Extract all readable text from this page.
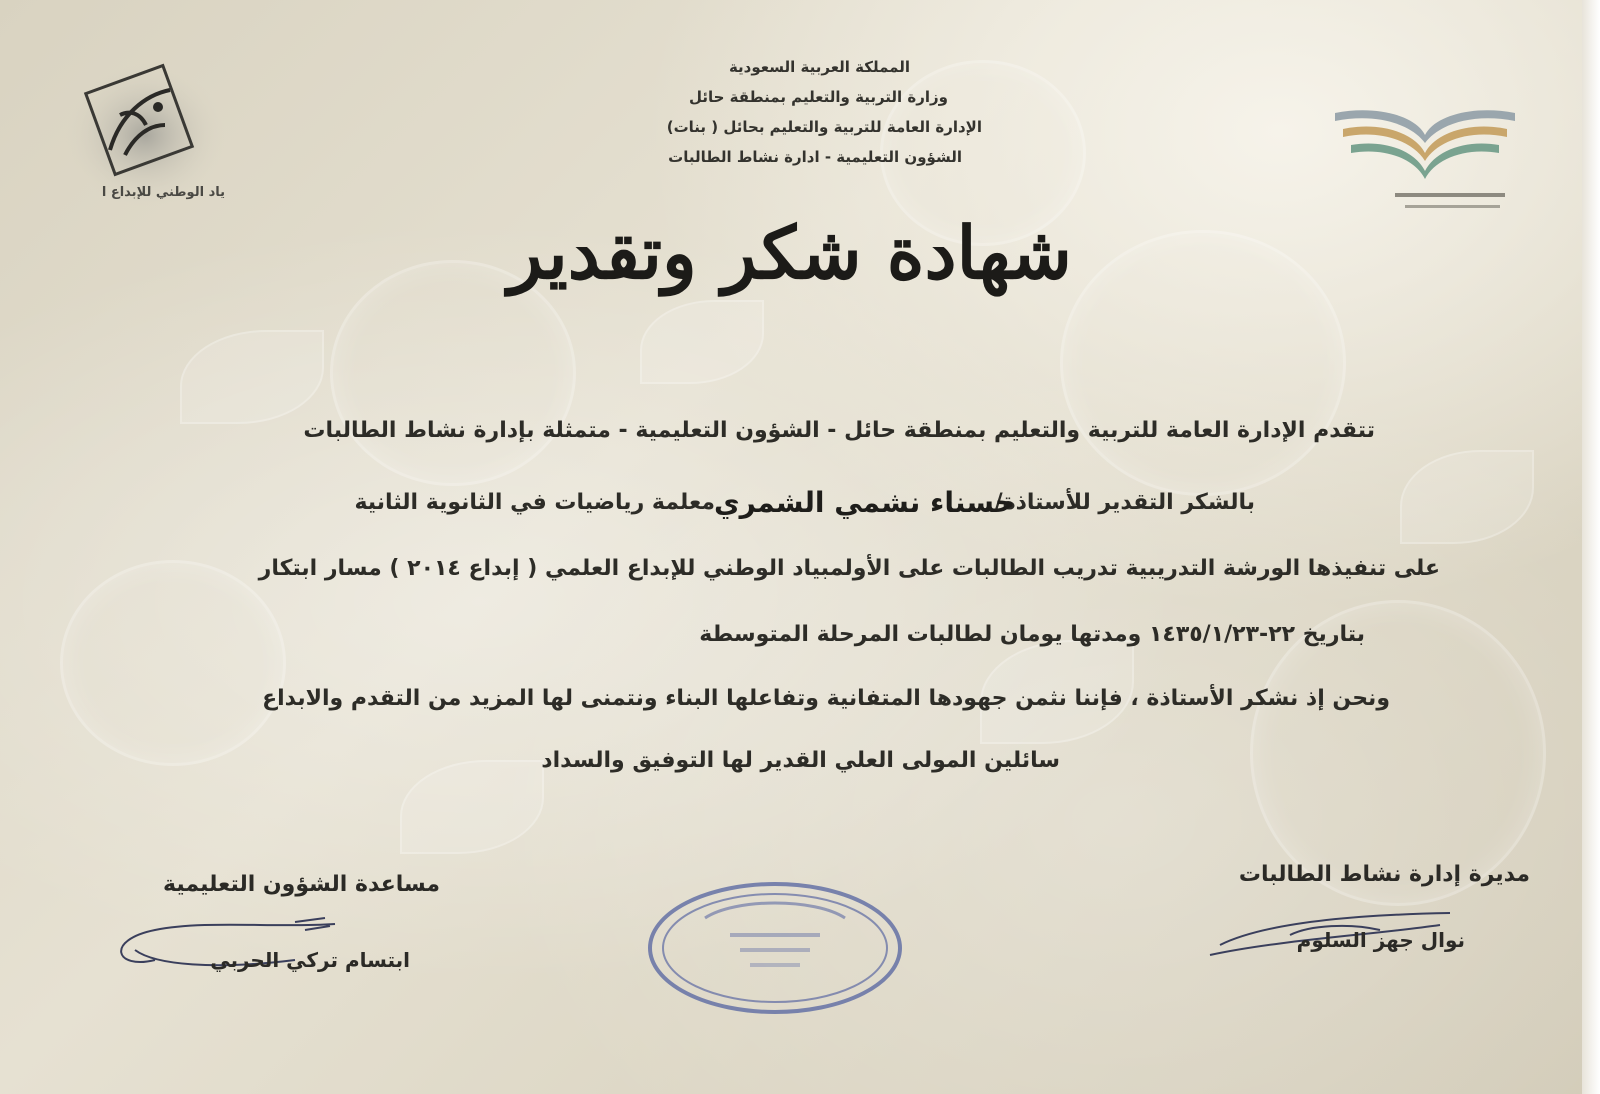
ياد الوطني للإبداع ا
المملكة العربية السعودية
وزارة التربية والتعليم بمنطقة حائل
الإدارة العامة للتربية والتعليم بحائل ( بنات)
الشؤون التعليمية - ادارة نشاط الطالبات
شهادة شكر وتقدير
تتقدم الإدارة العامة للتربية والتعليم بمنطقة حائل - الشؤون التعليمية - متمثلة بإدارة نشاط الطالبات
بالشكر التقدير للأستاذة/
حسناء نشمي الشمري
معلمة رياضيات في الثانوية الثانية
على تنفيذها الورشة التدريبية تدريب الطالبات على الأولمبياد الوطني للإبداع العلمي ( إبداع ٢٠١٤ ) مسار ابتكار
بتاريخ ٢٢-١٤٣٥/١/٢٣ ومدتها يومان لطالبات المرحلة المتوسطة
ونحن إذ نشكر الأستاذة ، فإننا نثمن جهودها المتفانية وتفاعلها البناء ونتمنى لها المزيد من التقدم والابداع
سائلين المولى العلي القدير لها التوفيق والسداد
مديرة إدارة نشاط الطالبات
نوال جهز السلوم
مساعدة الشؤون التعليمية
ابتسام تركي الحربي
